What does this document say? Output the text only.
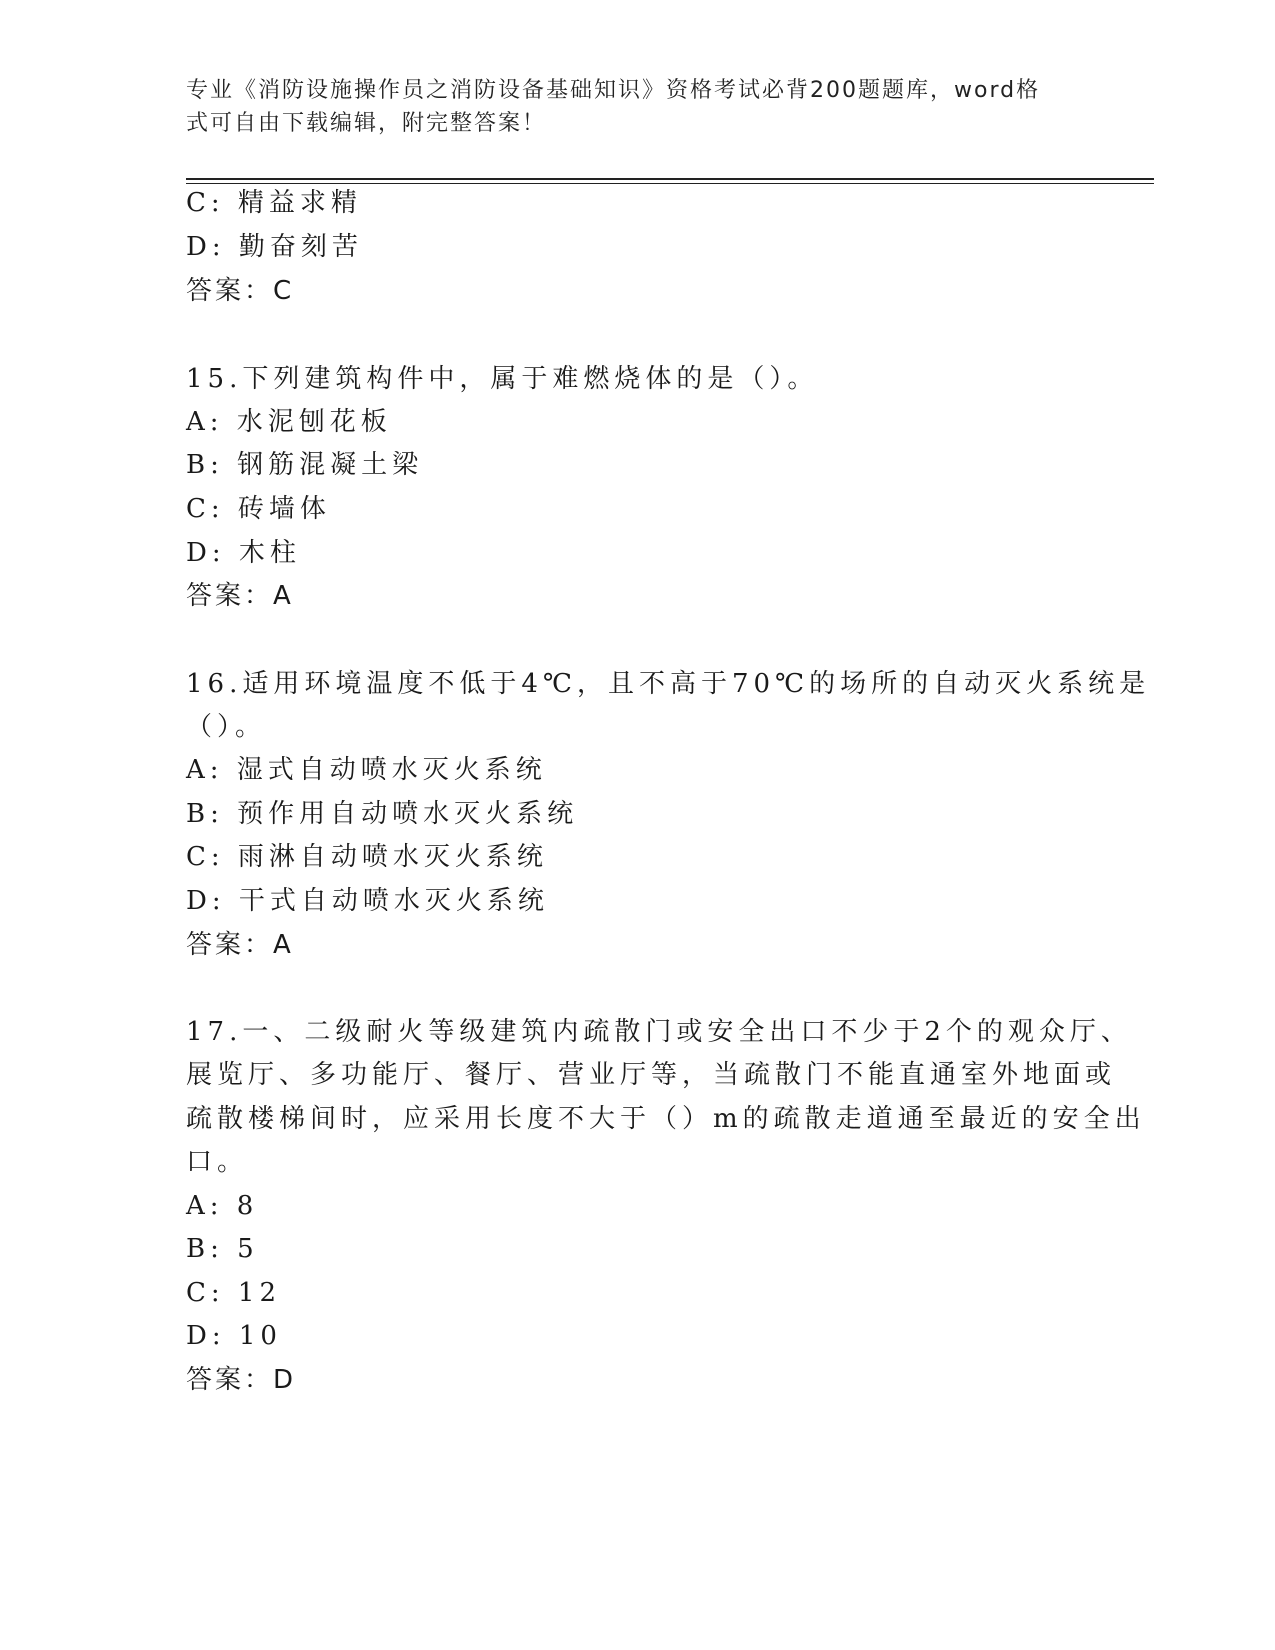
专业《消防设施操作员之消防设备基础知识》资格考试必背200题题库，word格
式可自由下载编辑，附完整答案！
C: 精益求精
D: 勤奋刻苦
答案：C
15.下列建筑构件中，属于难燃烧体的是（）。
A: 水泥刨花板
B: 钢筋混凝土梁
C: 砖墙体
D: 木柱
答案：A
16.适用环境温度不低于4℃，且不高于70℃的场所的自动灭火系统是
（）。
A: 湿式自动喷水灭火系统
B: 预作用自动喷水灭火系统
C: 雨淋自动喷水灭火系统
D: 干式自动喷水灭火系统
答案：A
17.一、二级耐火等级建筑内疏散门或安全出口不少于2个的观众厅、
展览厅、多功能厅、餐厅、营业厅等，当疏散门不能直通室外地面或
疏散楼梯间时，应采用长度不大于（）m的疏散走道通至最近的安全出
口。
A: 8
B: 5
C: 12
D: 10
答案：D
